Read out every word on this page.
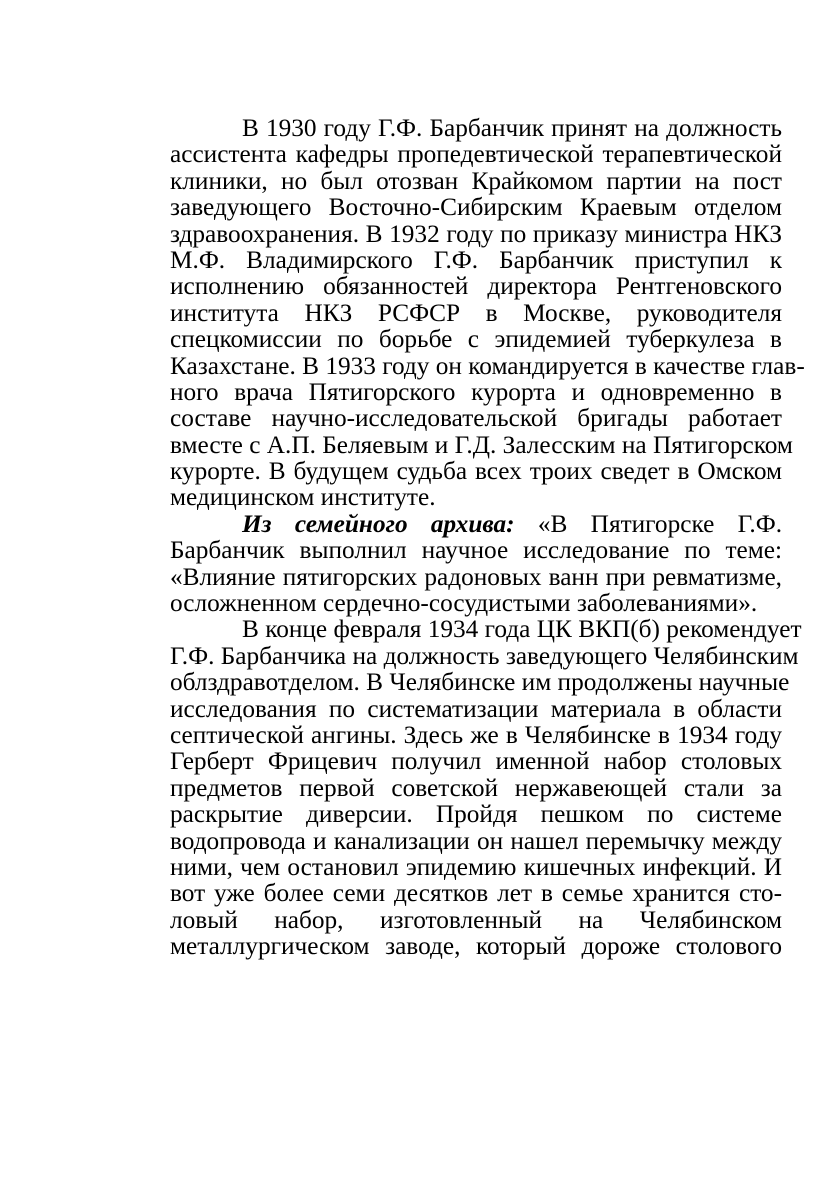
В 1930 году Г.Ф. Барбанчик принят на должность
ассистента кафедры пропедевтической терапевтической
клиники, но был отозван Крайкомом партии на пост
заведующего Восточно-Сибирским Краевым отделом
здравоохранения. В 1932 году по приказу министра НКЗ
М.Ф. Владимирского Г.Ф. Барбанчик приступил к
исполнению обязанностей директора Рентгеновского
института НКЗ РСФСР в Москве, руководителя
спецкомиссии по борьбе с эпидемией туберкулеза в
Казахстане. В 1933 году он командируется в качестве глав-
ного врача Пятигорского курорта и одновременно в
составе научно-исследовательской бригады работает
вместе с А.П. Беляевым и Г.Д. Залесским на Пятигорском
курорте. В будущем судьба всех троих сведет в Омском
медицинском институте.
Из семейного архива: «В Пятигорске Г.Ф.
Барбанчик выполнил научное исследование по теме:
«Влияние пятигорских радоновых ванн при ревматизме,
осложненном сердечно-сосудистыми заболеваниями».
В конце февраля 1934 года ЦК ВКП(б) рекомендует
Г.Ф. Барбанчика на должность заведующего Челябинским
облздравотделом. В Челябинске им продолжены научные
исследования по систематизации материала в области
септической ангины. Здесь же в Челябинске в 1934 году
Герберт Фрицевич получил именной набор столовых
предметов первой советской нержавеющей стали за
раскрытие диверсии. Пройдя пешком по системе
водопровода и канализации он нашел перемычку между
ними, чем остановил эпидемию кишечных инфекций. И
вот уже более семи десятков лет в семье хранится сто-
ловый набор, изготовленный на Челябинском
металлургическом заводе, который дороже столового
